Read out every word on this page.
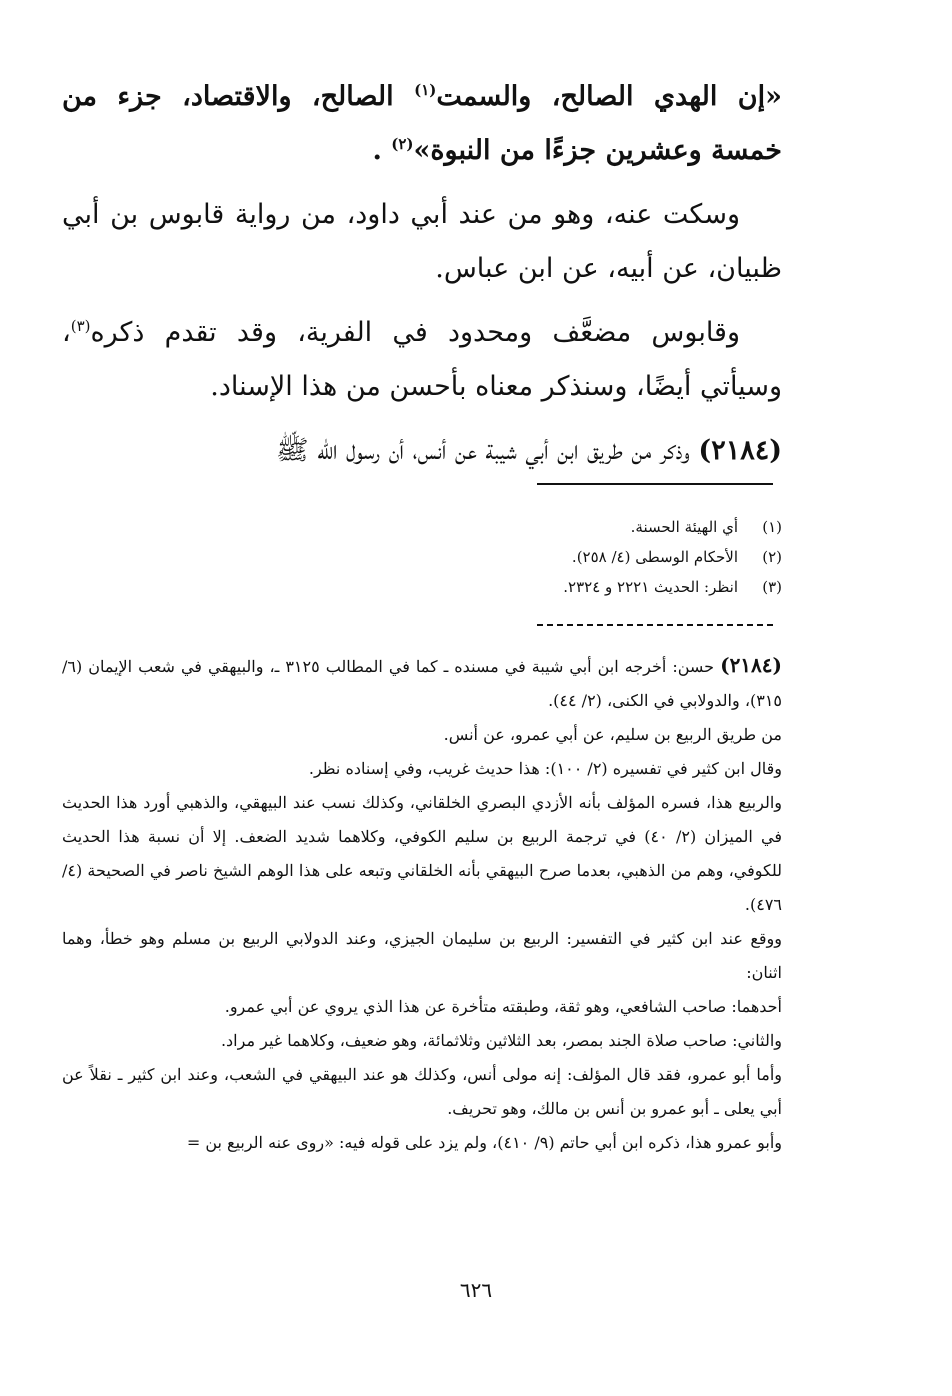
«إن الهدي الصالح، والسمت$^{(١)}$ الصالح، والاقتصاد، جزء من خمسة وعشرين جزءًا من النبوة»$^{(٢)}$ .

وسكت عنه، وهو من عند أبي داود، من رواية قابوس بن أبي ظبيان، عن أبيه، عن ابن عباس.

وقابوس مضعَّف ومحدود في الفرية، وقد تقدم ذكره$^{(٣)}$، وسيأتي أيضًا، وسنذكر معناه بأحسن من هذا الإسناد.

(٢١٨٤) وذكر من طريق ابن أبي شيبة عن أنس، أن رسول الله ﷺ

(١)أي الهيئة الحسنة.

(٢)الأحكام الوسطى (٤/ ٢٥٨).

(٣)انظر: الحديث ٢٢٢١ و ٢٣٢٤.

(٢١٨٤) حسن: أخرجه ابن أبي شيبة في مسنده ـ كما في المطالب ٣١٢٥ ـ، والبيهقي في شعب الإيمان (٦/ ٣١٥)، والدولابي في الكنى، (٢/ ٤٤).

من طريق الربيع بن سليم، عن أبي عمرو، عن أنس.

وقال ابن كثير في تفسيره (٢/ ١٠٠): هذا حديث غريب، وفي إسناده نظر.

والربيع هذا، فسره المؤلف بأنه الأزدي البصري الخلقاني، وكذلك نسب عند البيهقي، والذهبي أورد هذا الحديث في الميزان (٢/ ٤٠) في ترجمة الربيع بن سليم الكوفي، وكلاهما شديد الضعف. إلا أن نسبة هذا الحديث للكوفي، وهم من الذهبي، بعدما صرح البيهقي بأنه الخلقاني وتبعه على هذا الوهم الشيخ ناصر في الصحيحة (٤/ ٤٧٦).

ووقع عند ابن كثير في التفسير: الربيع بن سليمان الجيزي، وعند الدولابي الربيع بن مسلم وهو خطأ، وهما اثنان:

أحدهما: صاحب الشافعي، وهو ثقة، وطبقته متأخرة عن هذا الذي يروي عن أبي عمرو.

والثاني: صاحب صلاة الجند بمصر، بعد الثلاثين وثلاثمائة، وهو ضعيف، وكلاهما غير مراد.

وأما أبو عمرو، فقد قال المؤلف: إنه مولى أنس، وكذلك هو عند البيهقي في الشعب، وعند ابن كثير ـ نقلاً عن أبي يعلى ـ أبو عمرو بن أنس بن مالك، وهو تحريف.

وأبو عمرو هذا، ذكره ابن أبي حاتم (٩/ ٤١٠)، ولم يزد على قوله فيه: «روى عنه الربيع بن =

٦٢٦
